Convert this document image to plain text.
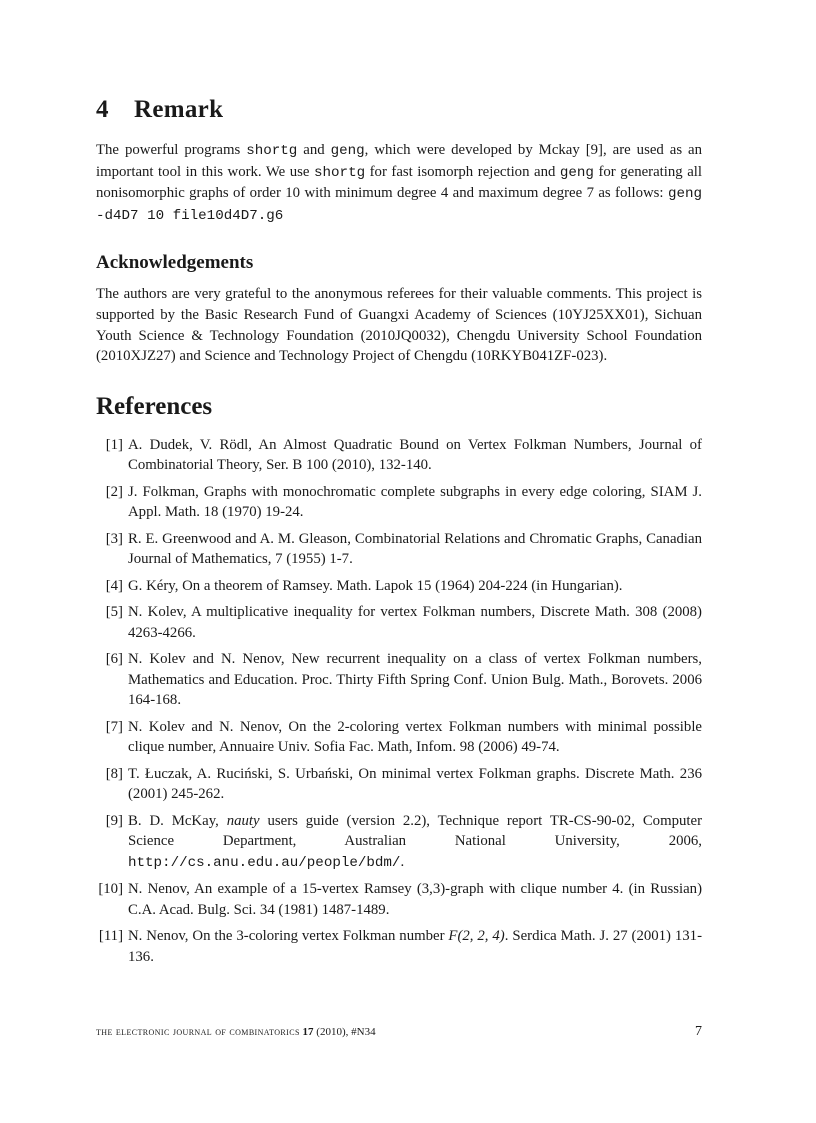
4 Remark

The powerful programs shortg and geng, which were developed by Mckay [9], are used as an important tool in this work. We use shortg for fast isomorph rejection and geng for generating all nonisomorphic graphs of order 10 with minimum degree 4 and maximum degree 7 as follows: geng -d4D7 10 file10d4D7.g6

Acknowledgements

The authors are very grateful to the anonymous referees for their valuable comments. This project is supported by the Basic Research Fund of Guangxi Academy of Sciences (10YJ25XX01), Sichuan Youth Science & Technology Foundation (2010JQ0032), Chengdu University School Foundation (2010XJZ27) and Science and Technology Project of Chengdu (10RKYB041ZF-023).

References
[1] A. Dudek, V. Rödl, An Almost Quadratic Bound on Vertex Folkman Numbers, Journal of Combinatorial Theory, Ser. B 100 (2010), 132-140.
[2] J. Folkman, Graphs with monochromatic complete subgraphs in every edge coloring, SIAM J. Appl. Math. 18 (1970) 19-24.
[3] R. E. Greenwood and A. M. Gleason, Combinatorial Relations and Chromatic Graphs, Canadian Journal of Mathematics, 7 (1955) 1-7.
[4] G. Kéry, On a theorem of Ramsey. Math. Lapok 15 (1964) 204-224 (in Hungarian).
[5] N. Kolev, A multiplicative inequality for vertex Folkman numbers, Discrete Math. 308 (2008) 4263-4266.
[6] N. Kolev and N. Nenov, New recurrent inequality on a class of vertex Folkman numbers, Mathematics and Education. Proc. Thirty Fifth Spring Conf. Union Bulg. Math., Borovets. 2006 164-168.
[7] N. Kolev and N. Nenov, On the 2-coloring vertex Folkman numbers with minimal possible clique number, Annuaire Univ. Sofia Fac. Math, Infom. 98 (2006) 49-74.
[8] T. Łuczak, A. Ruciński, S. Urbański, On minimal vertex Folkman graphs. Discrete Math. 236 (2001) 245-262.
[9] B. D. McKay, nauty users guide (version 2.2), Technique report TR-CS-90-02, Computer Science Department, Australian National University, 2006, http://cs.anu.edu.au/people/bdm/.
[10] N. Nenov, An example of a 15-vertex Ramsey (3,3)-graph with clique number 4. (in Russian) C.A. Acad. Bulg. Sci. 34 (1981) 1487-1489.
[11] N. Nenov, On the 3-coloring vertex Folkman number F(2, 2, 4). Serdica Math. J. 27 (2001) 131-136.
the electronic journal of combinatorics 17 (2010), #N34	7
